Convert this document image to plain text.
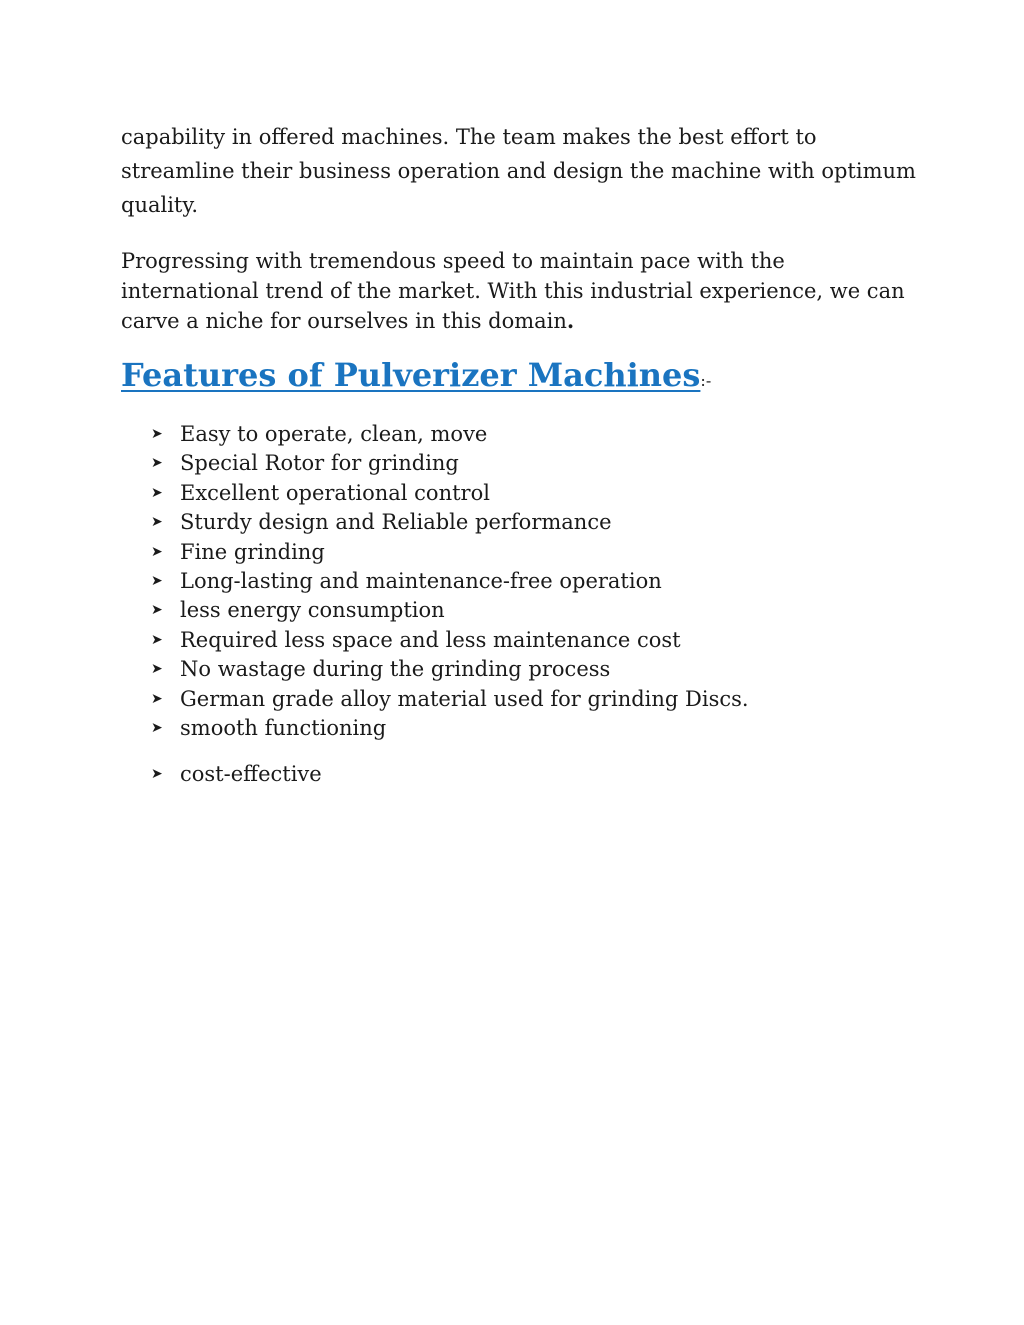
capability in offered machines. The team makes the best effort to streamline their business operation and design the machine with optimum quality.

Progressing with tremendous speed to maintain pace with the international trend of the market. With this industrial experience, we can carve a niche for ourselves in this domain.

Features of Pulverizer Machines:-
➤ Easy to operate, clean, move
➤ Special Rotor for grinding
➤ Excellent operational control
➤ Sturdy design and Reliable performance
➤ Fine grinding
➤ Long-lasting and maintenance-free operation
➤ less energy consumption
➤ Required less space and less maintenance cost
➤ No wastage during the grinding process
➤ German grade alloy material used for grinding Discs.
➤ smooth functioning
➤ cost-effective
